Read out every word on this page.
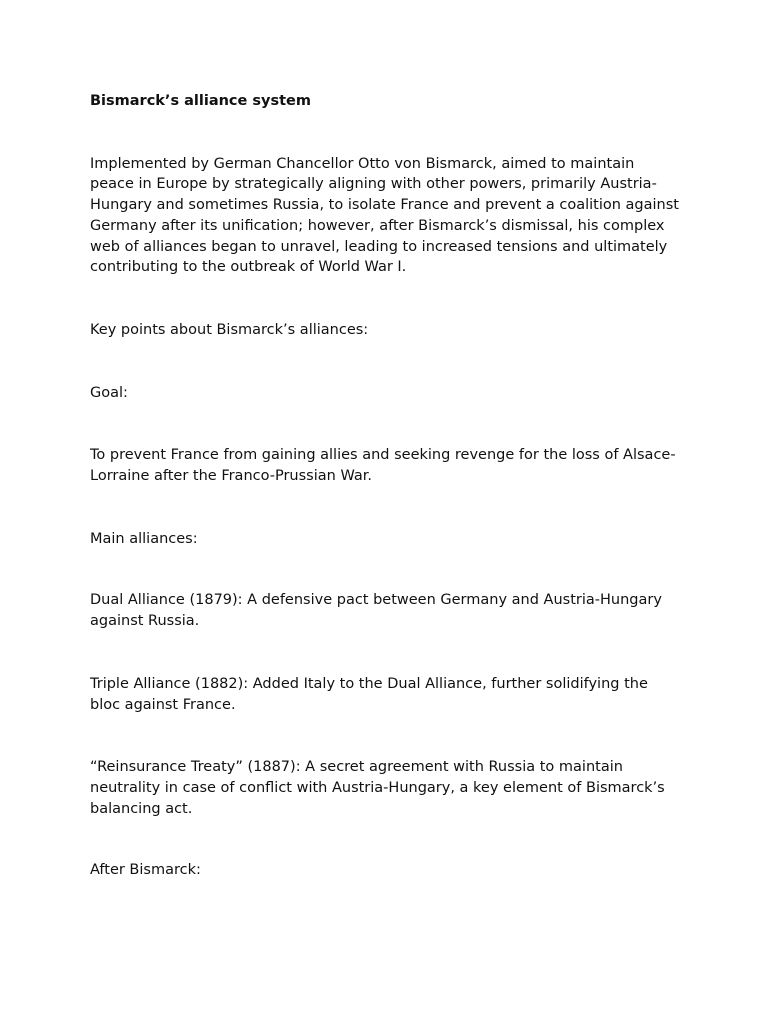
Bismarck’s alliance system

Implemented by German Chancellor Otto von Bismarck, aimed to maintain peace in Europe by strategically aligning with other powers, primarily Austria-Hungary and sometimes Russia, to isolate France and prevent a coalition against Germany after its unification; however, after Bismarck’s dismissal, his complex web of alliances began to unravel, leading to increased tensions and ultimately contributing to the outbreak of World War I.

Key points about Bismarck’s alliances:

Goal:

To prevent France from gaining allies and seeking revenge for the loss of Alsace-Lorraine after the Franco-Prussian War.

Main alliances:

Dual Alliance (1879): A defensive pact between Germany and Austria-Hungary against Russia.

Triple Alliance (1882): Added Italy to the Dual Alliance, further solidifying the bloc against France.

“Reinsurance Treaty” (1887): A secret agreement with Russia to maintain neutrality in case of conflict with Austria-Hungary, a key element of Bismarck’s balancing act.

After Bismarck:
